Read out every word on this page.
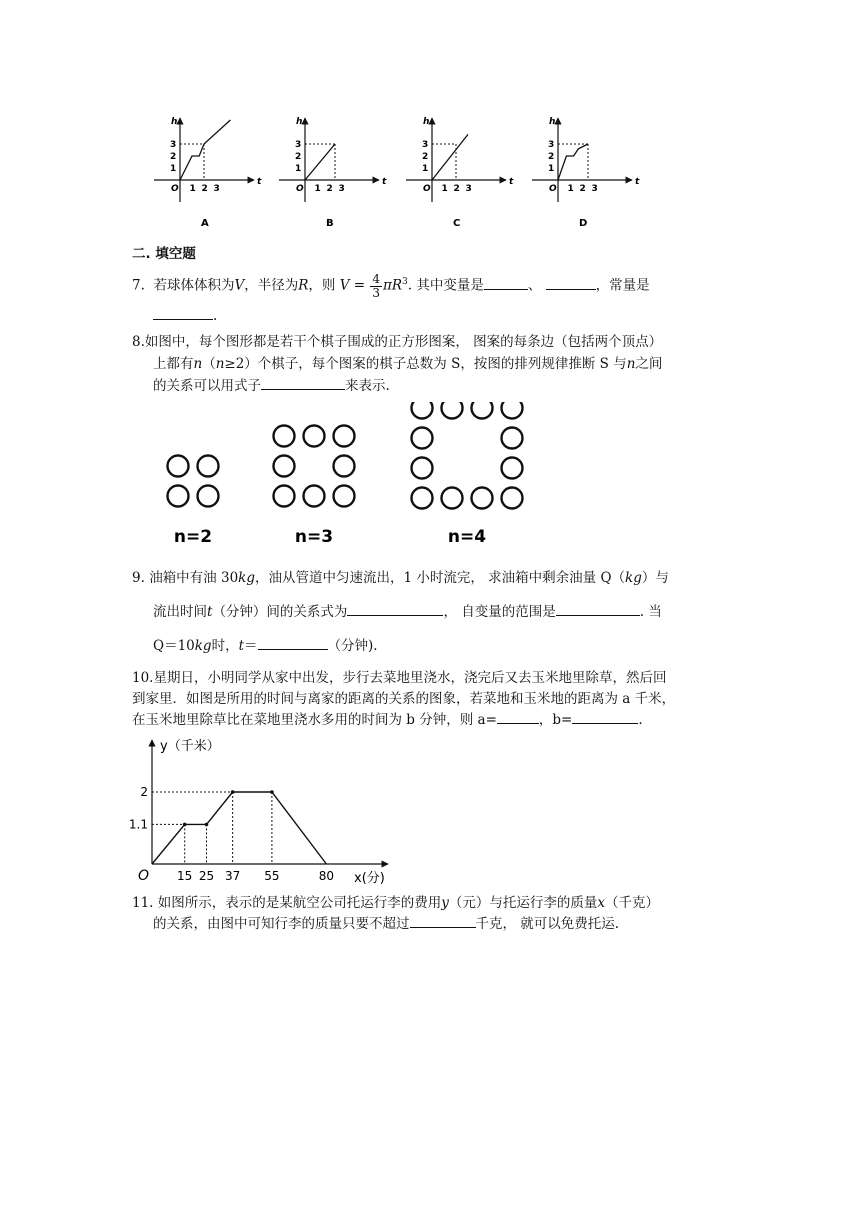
h
t
O
1
2
3
1 2 3
A
h
t
O
1
2
3
1 2 3
B
h
t
O
1
2
3
1 2 3
C
h
t
O
1
2
3
1 2 3
D
二. 填空题
7. 若球体体积为V，半径为R，则 $V = \frac{4}{3} \pi R^3$. 其中变量是	、	，常量是
.
8.如图中，每个图形都是若干个棋子围成的正方形图案， 图案的每条边（包括两个顶点）
上都有n（n≥2）个棋子，每个图案的棋子总数为 S，按图的排列规律推断 S 与n之间
的关系可以用式子	来表示.
n=2	n=3	n=4
9. 油箱中有油 30kg，油从管道中匀速流出，1 小时流完， 求油箱中剩余油量 Q（kg）与
流出时间t（分钟）间的关系式为	， 自变量的范围是	. 当
Q＝10kg时，t＝	（分钟).
10.星期日，小明同学从家中出发，步行去菜地里浇水，浇完后又去玉米地里除草，然后回
到家里．如图是所用的时间与离家的距离的关系的图象，若菜地和玉米地的距离为 a 千米，
在玉米地里除草比在菜地里浇水多用的时间为 b 分钟，则 a=	，b=	.
y（千米）
x(分)
O 15 25 37 55	80
1.1
2
11. 如图所示，表示的是某航空公司托运行李的费用y（元）与托运行李的质量x（千克）
的关系，由图中可知行李的质量只要不超过	千克， 就可以免费托运.
